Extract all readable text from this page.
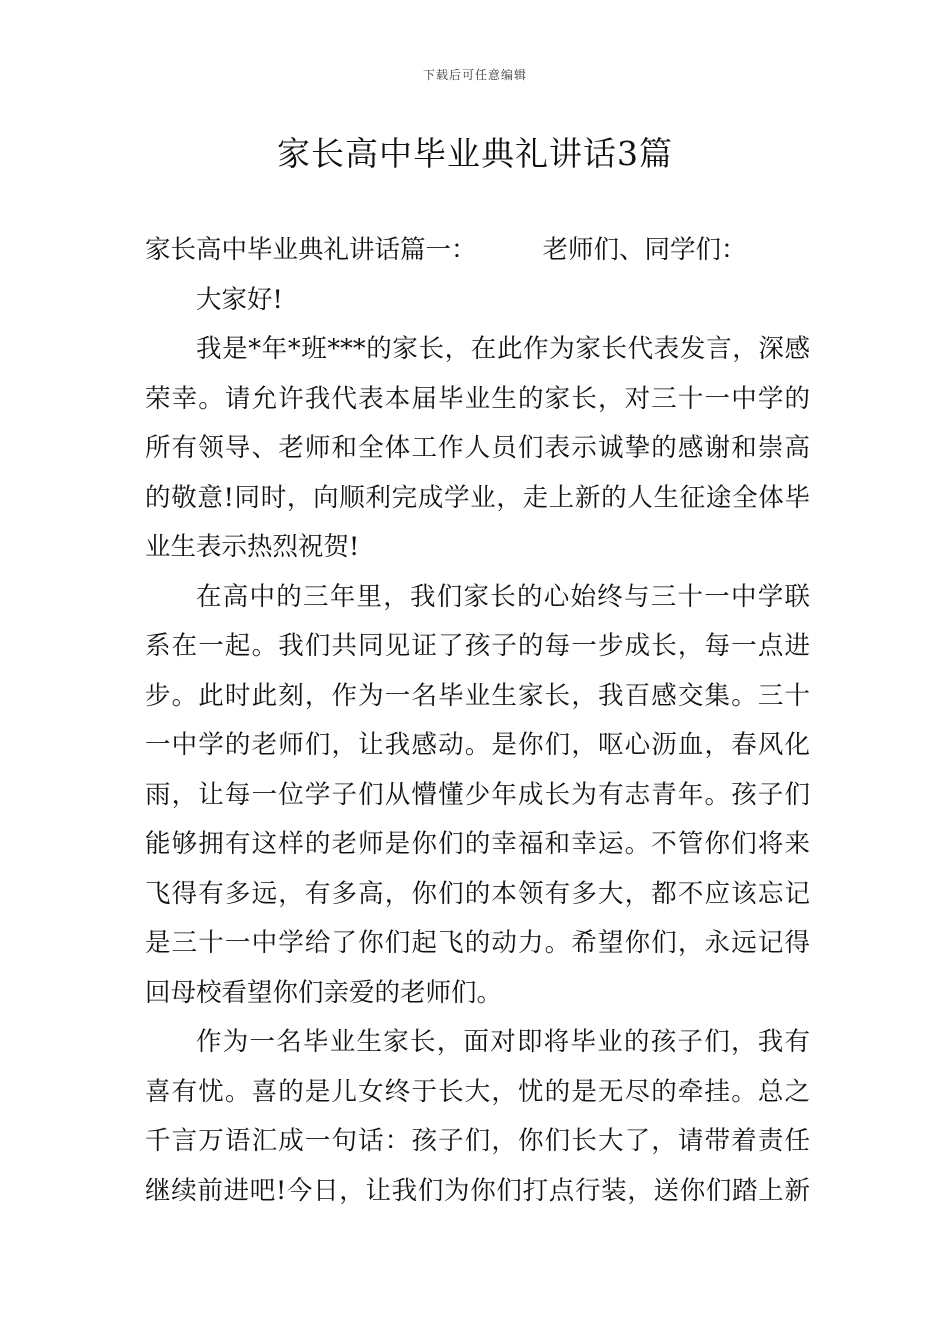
下载后可任意编辑
家长高中毕业典礼讲话3篇

家长高中毕业典礼讲话篇一：	老师们、同学们：

大家好!

我是*年*班***的家长，在此作为家长代表发言，深感

荣幸。请允许我代表本届毕业生的家长，对三十一中学的

所有领导、老师和全体工作人员们表示诚挚的感谢和崇高

的敬意!同时，向顺利完成学业，走上新的人生征途全体毕

业生表示热烈祝贺!

在高中的三年里，我们家长的心始终与三十一中学联

系在一起。我们共同见证了孩子的每一步成长，每一点进

步。此时此刻，作为一名毕业生家长，我百感交集。三十

一中学的老师们，让我感动。是你们，呕心沥血，春风化

雨，让每一位学子们从懵懂少年成长为有志青年。孩子们

能够拥有这样的老师是你们的幸福和幸运。不管你们将来

飞得有多远，有多高，你们的本领有多大，都不应该忘记

是三十一中学给了你们起飞的动力。希望你们，永远记得

回母校看望你们亲爱的老师们。

作为一名毕业生家长，面对即将毕业的孩子们，我有

喜有忧。喜的是儿女终于长大，忧的是无尽的牵挂。总之

千言万语汇成一句话：孩子们，你们长大了，请带着责任

继续前进吧!今日，让我们为你们打点行装，送你们踏上新
